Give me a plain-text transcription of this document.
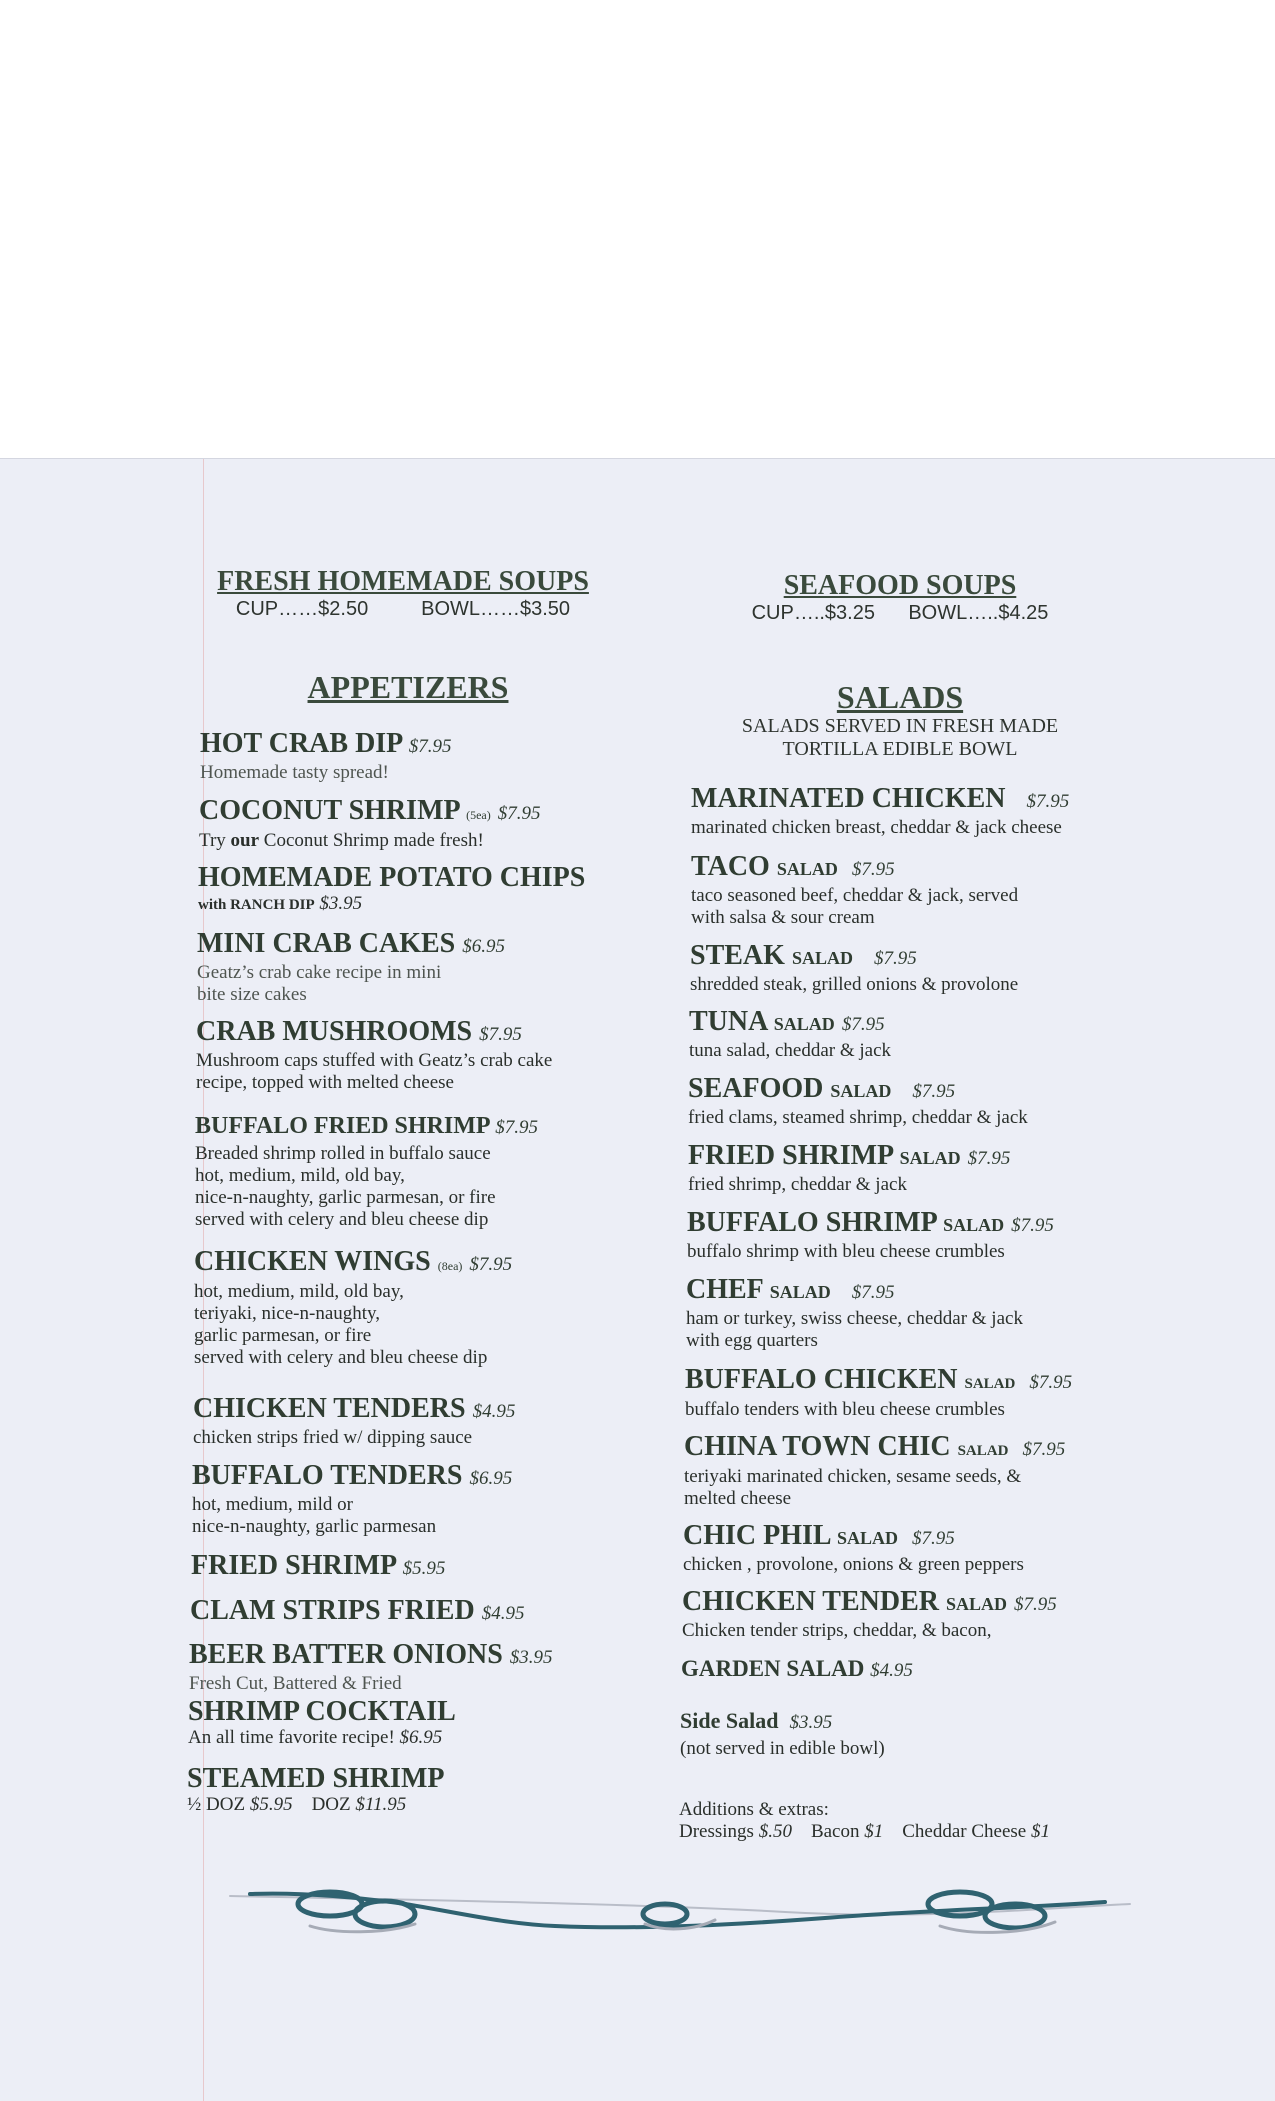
FRESH HOMEMADE SOUPS
CUP……$2.50	BOWL……$3.50
APPETIZERS
HOT CRAB DIP $7.95
Homemade tasty spread!
COCONUT SHRIMP (5ea) $7.95
Try our Coconut Shrimp made fresh!
HOMEMADE POTATO CHIPS
with RANCH DIP $3.95
MINI CRAB CAKES $6.95
Geatz’s crab cake recipe in mini
bite size cakes
CRAB MUSHROOMS $7.95
Mushroom caps stuffed with Geatz’s crab cake
recipe, topped with melted cheese
BUFFALO FRIED SHRIMP $7.95
Breaded shrimp rolled in buffalo sauce
hot, medium, mild, old bay,
nice-n-naughty, garlic parmesan, or fire
served with celery and bleu cheese dip
CHICKEN WINGS (8ea) $7.95
hot, medium, mild, old bay,
teriyaki, nice-n-naughty,
garlic parmesan, or fire
served with celery and bleu cheese dip
CHICKEN TENDERS $4.95
chicken strips fried w/ dipping sauce
BUFFALO TENDERS $6.95
hot, medium, mild or
nice-n-naughty, garlic parmesan
FRIED SHRIMP $5.95
CLAM STRIPS FRIED $4.95
BEER BATTER ONIONS $3.95
Fresh Cut, Battered & Fried
SHRIMP COCKTAIL
An all time favorite recipe! $6.95
STEAMED SHRIMP
½ DOZ $5.95 DOZ $11.95
SEAFOOD SOUPS
CUP…..$3.25 BOWL…..$4.25
SALADS
SALADS SERVED IN FRESH MADE
TORTILLA EDIBLE BOWL
MARINATED CHICKEN $7.95
marinated chicken breast, cheddar & jack cheese
TACO SALAD $7.95
taco seasoned beef, cheddar & jack, served
with salsa & sour cream
STEAK SALAD $7.95
shredded steak, grilled onions & provolone
TUNA SALAD $7.95
tuna salad, cheddar & jack
SEAFOOD SALAD $7.95
fried clams, steamed shrimp, cheddar & jack
FRIED SHRIMP SALAD $7.95
fried shrimp, cheddar & jack
BUFFALO SHRIMP SALAD $7.95
buffalo shrimp with bleu cheese crumbles
CHEF SALAD $7.95
ham or turkey, swiss cheese, cheddar & jack
with egg quarters
BUFFALO CHICKEN SALAD $7.95
buffalo tenders with bleu cheese crumbles
CHINA TOWN CHIC SALAD $7.95
teriyaki marinated chicken, sesame seeds, &
melted cheese
CHIC PHIL SALAD $7.95
chicken , provolone, onions & green peppers
CHICKEN TENDER SALAD $7.95
Chicken tender strips, cheddar, & bacon,
GARDEN SALAD $4.95
Side Salad $3.95
(not served in edible bowl)
Additions & extras:
Dressings $.50 Bacon $1 Cheddar Cheese $1
